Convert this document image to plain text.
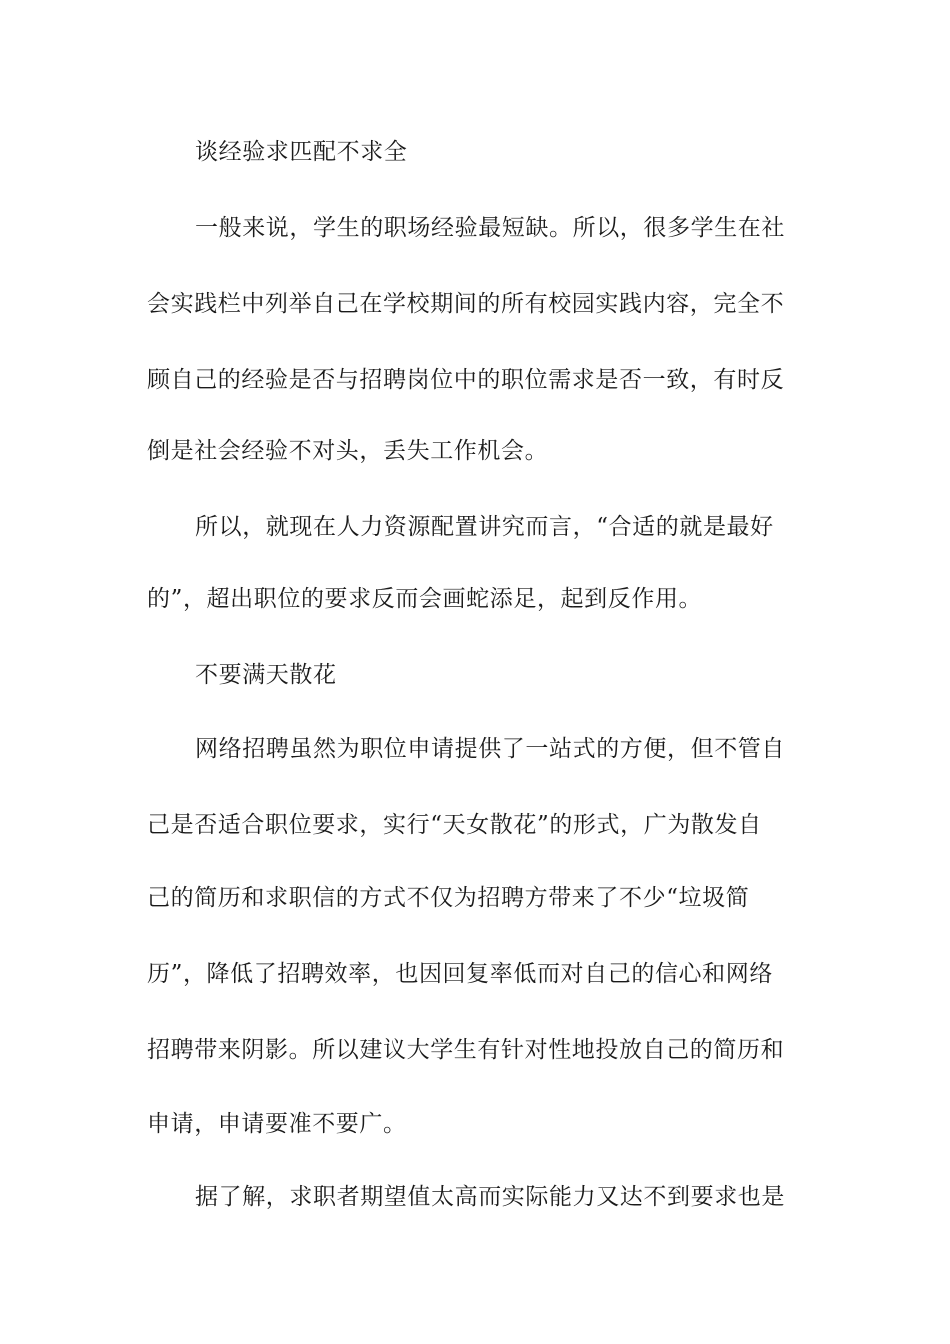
谈经验求匹配不求全
一般来说，学生的职场经验最短缺。所以，很多学生在社
会实践栏中列举自己在学校期间的所有校园实践内容，完全不
顾自己的经验是否与招聘岗位中的职位需求是否一致，有时反
倒是社会经验不对头，丢失工作机会。
所以，就现在人力资源配置讲究而言，“合适的就是最好
的”，超出职位的要求反而会画蛇添足，起到反作用。
不要满天散花
网络招聘虽然为职位申请提供了一站式的方便，但不管自
己是否适合职位要求，实行“天女散花”的形式，广为散发自
己的简历和求职信的方式不仅为招聘方带来了不少“垃圾简
历”，降低了招聘效率，也因回复率低而对自己的信心和网络
招聘带来阴影。所以建议大学生有针对性地投放自己的简历和
申请，申请要准不要广。
据了解，求职者期望值太高而实际能力又达不到要求也是
